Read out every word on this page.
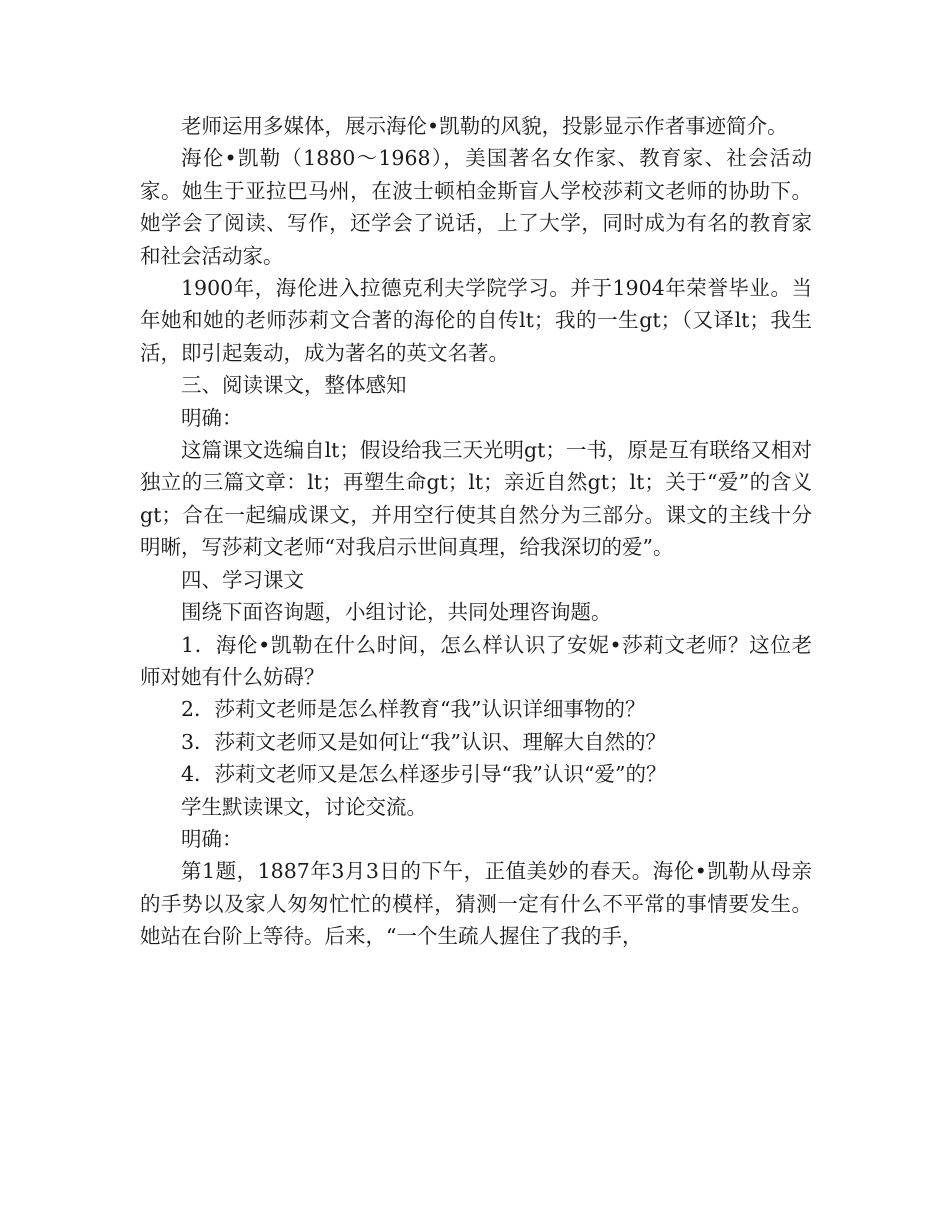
老师运用多媒体，展示海伦•凯勒的风貌，投影显示作者事迹简介。

海伦•凯勒（1880～1968），美国著名女作家、教育家、社会活动家。她生于亚拉巴马州，在波士顿柏金斯盲人学校莎莉文老师的协助下。她学会了阅读、写作，还学会了说话，上了大学，同时成为有名的教育家和社会活动家。

1900年，海伦进入拉德克利夫学院学习。并于1904年荣誉毕业。当年她和她的老师莎莉文合著的海伦的自传lt；我的一生gt；（又译lt；我生活，即引起轰动，成为著名的英文名著。

三、阅读课文，整体感知

明确：

这篇课文选编自lt；假设给我三天光明gt；一书，原是互有联络又相对独立的三篇文章：lt；再塑生命gt；lt；亲近自然gt；lt；关于“爱”的含义gt；合在一起编成课文，并用空行使其自然分为三部分。课文的主线十分明晰，写莎莉文老师“对我启示世间真理，给我深切的爱”。

四、学习课文

围绕下面咨询题，小组讨论，共同处理咨询题。

1．海伦•凯勒在什么时间，怎么样认识了安妮•莎莉文老师？这位老师对她有什么妨碍？

2．莎莉文老师是怎么样教育“我”认识详细事物的？

3．莎莉文老师又是如何让“我”认识、理解大自然的？

4．莎莉文老师又是怎么样逐步引导“我”认识“爱”的？

学生默读课文，讨论交流。

明确：

第1题，1887年3月3日的下午，正值美妙的春天。海伦•凯勒从母亲的手势以及家人匆匆忙忙的模样，猜测一定有什么不平常的事情要发生。她站在台阶上等待。后来，“一个生疏人握住了我的手，
